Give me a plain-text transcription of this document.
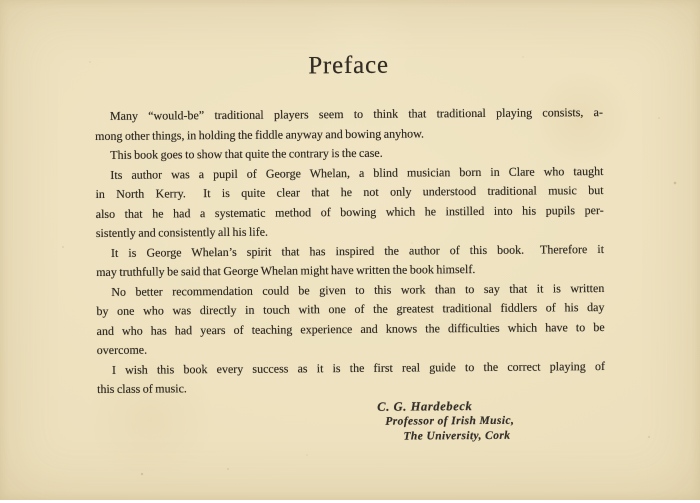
Preface
Many “would-be” traditional players seem to think that traditional playing consists, a-
mong other things, in holding the fiddle anyway and bowing anyhow.
This book goes to show that quite the contrary is the case.
Its author was a pupil of George Whelan, a blind musician born in Clare who taught
in North Kerry.  It is quite clear that he not only understood traditional music but
also that he had a systematic method of bowing which he instilled into his pupils per-
sistently and consistently all his life.
It is George Whelan’s spirit that has inspired the author of this book.  Therefore it
may truthfully be said that George Whelan might have written the book himself.
No better recommendation could be given to this work than to say that it is written
by one who was directly in touch with one of the greatest traditional fiddlers of his day
and who has had years of teaching experience and knows the difficulties which have to be
overcome.
I wish this book every success as it is the first real guide to the correct playing of
this class of music.
C. G. Hardebeck
Professor of Irish Music,
The University, Cork
